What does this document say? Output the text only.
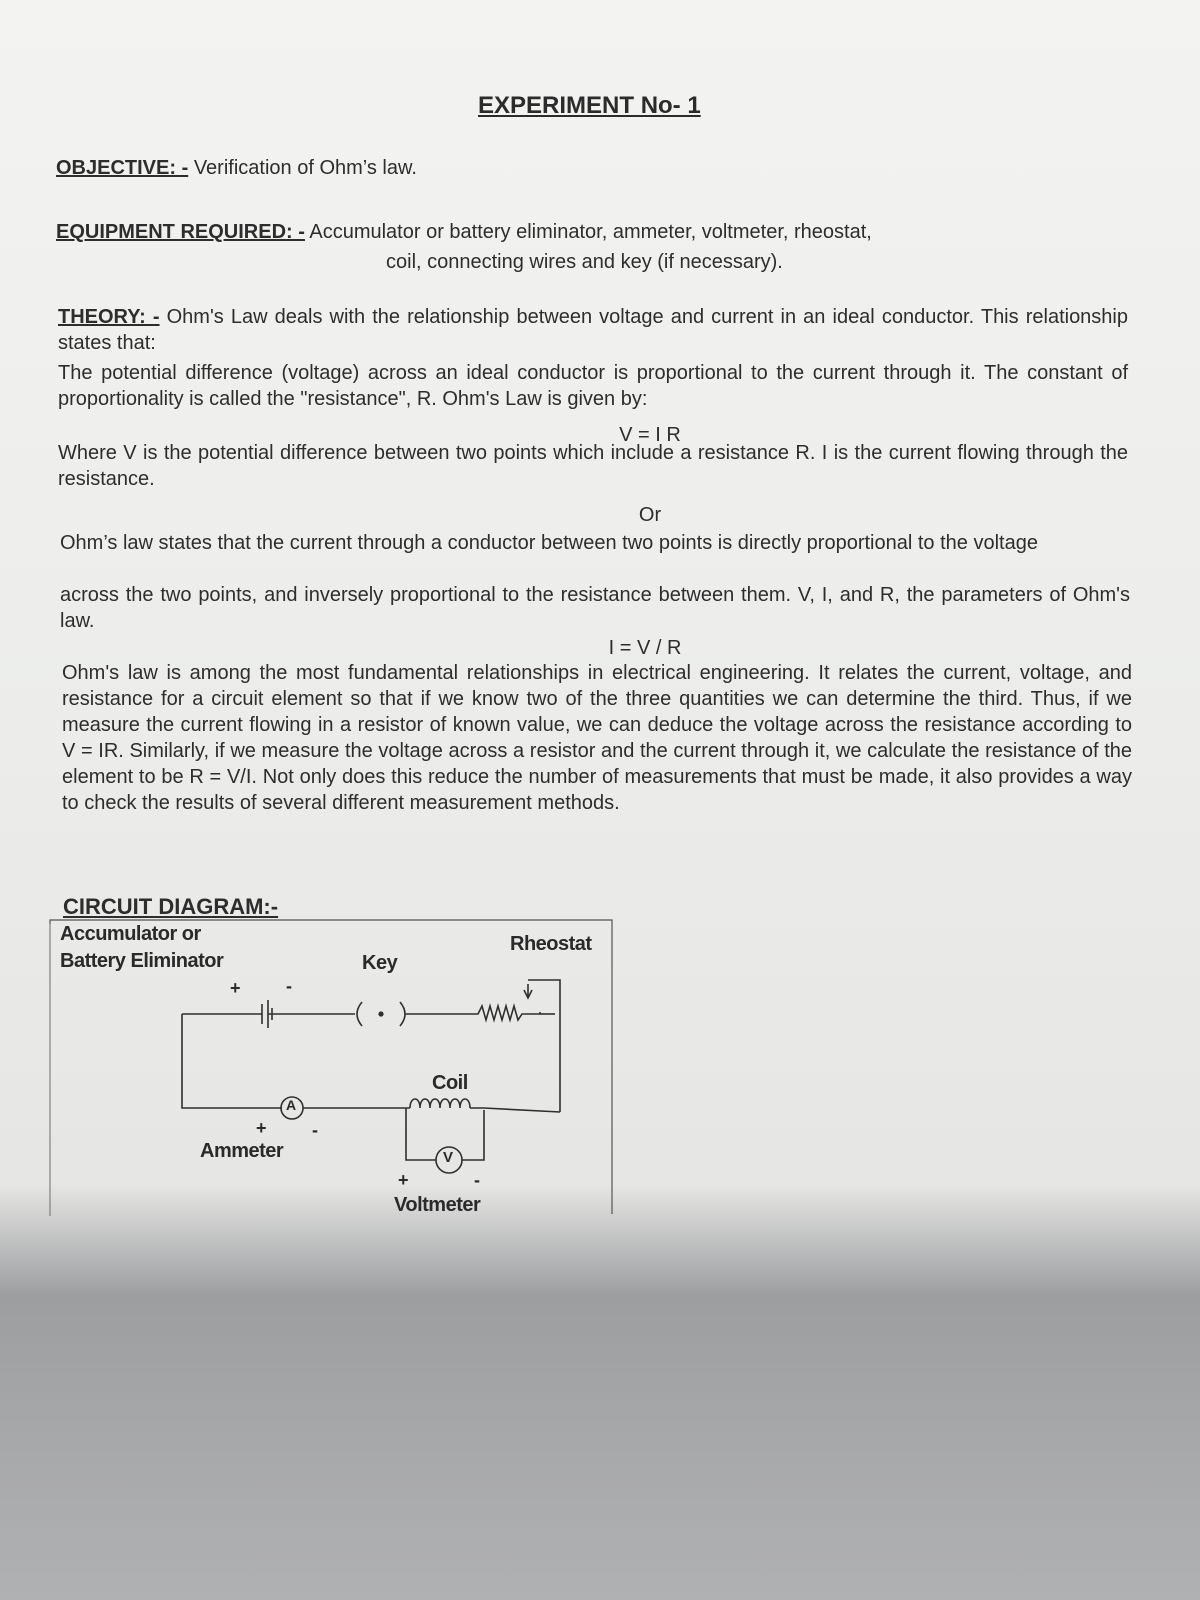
EXPERIMENT No- 1
OBJECTIVE: - Verification of Ohm’s law.
EQUIPMENT REQUIRED: - Accumulator or battery eliminator, ammeter, voltmeter, rheostat,
coil, connecting wires and key (if necessary).
THEORY: - Ohm's Law deals with the relationship between voltage and current in an ideal conductor. This relationship states that:
The potential difference (voltage) across an ideal conductor is proportional to the current through it. The constant of proportionality is called the "resistance", R. Ohm's Law is given by:
V = I R
Where V is the potential difference between two points which include a resistance R. I is the current flowing through the resistance.
Or
Ohm’s law states that the current through a conductor between two points is directly proportional to the voltage
across the two points, and inversely proportional to the resistance between them. V, I, and R, the parameters of Ohm's law.
I = V / R
Ohm's law is among the most fundamental relationships in electrical engineering. It relates the current, voltage, and resistance for a circuit element so that if we know two of the three quantities we can determine the third. Thus, if we measure the current flowing in a resistor of known value, we can deduce the voltage across the resistance according to V = IR. Similarly, if we measure the voltage across a resistor and the current through it, we calculate the resistance of the element to be R = V/I. Not only does this reduce the number of measurements that must be made, it also provides a way to check the results of several different measurement methods.
CIRCUIT DIAGRAM:-
Accumulator or
Battery Eliminator	Key
Rheostat
Coil
Ammeter
Voltmeter
+	-
A
+	-
V
+	-
